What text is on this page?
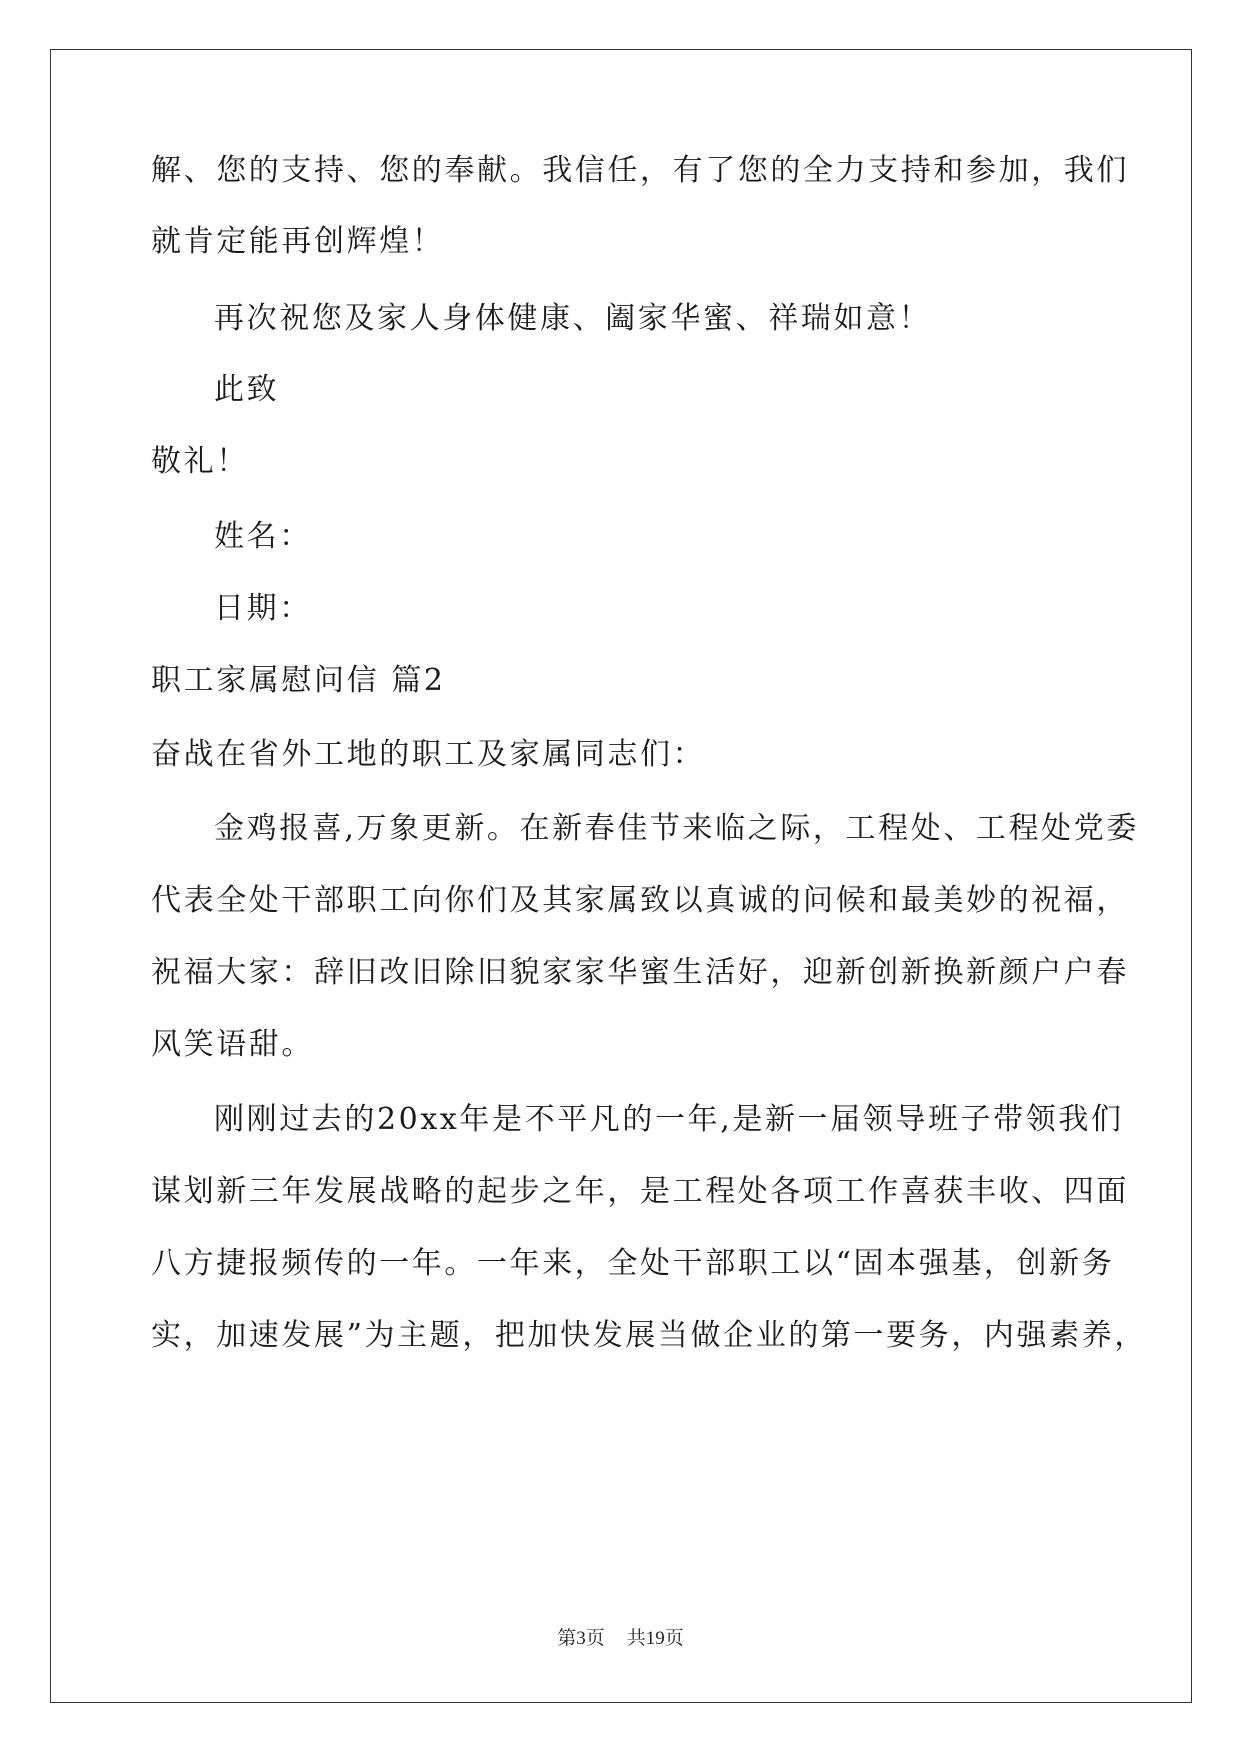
解、您的支持、您的奉献。我信任，有了您的全力支持和参加，我们
就肯定能再创辉煌！
再次祝您及家人身体健康、阖家华蜜、祥瑞如意！
此致
敬礼！
姓名：
日期：
职工家属慰问信 篇2
奋战在省外工地的职工及家属同志们：
金鸡报喜,万象更新。在新春佳节来临之际，工程处、工程处党委
代表全处干部职工向你们及其家属致以真诚的问候和最美妙的祝福，
祝福大家：辞旧改旧除旧貌家家华蜜生活好，迎新创新换新颜户户春
风笑语甜。
刚刚过去的20xx年是不平凡的一年,是新一届领导班子带领我们
谋划新三年发展战略的起步之年，是工程处各项工作喜获丰收、四面
八方捷报频传的一年。一年来，全处干部职工以“固本强基，创新务
实，加速发展”为主题，把加快发展当做企业的第一要务，内强素养，
第3页 共19页
